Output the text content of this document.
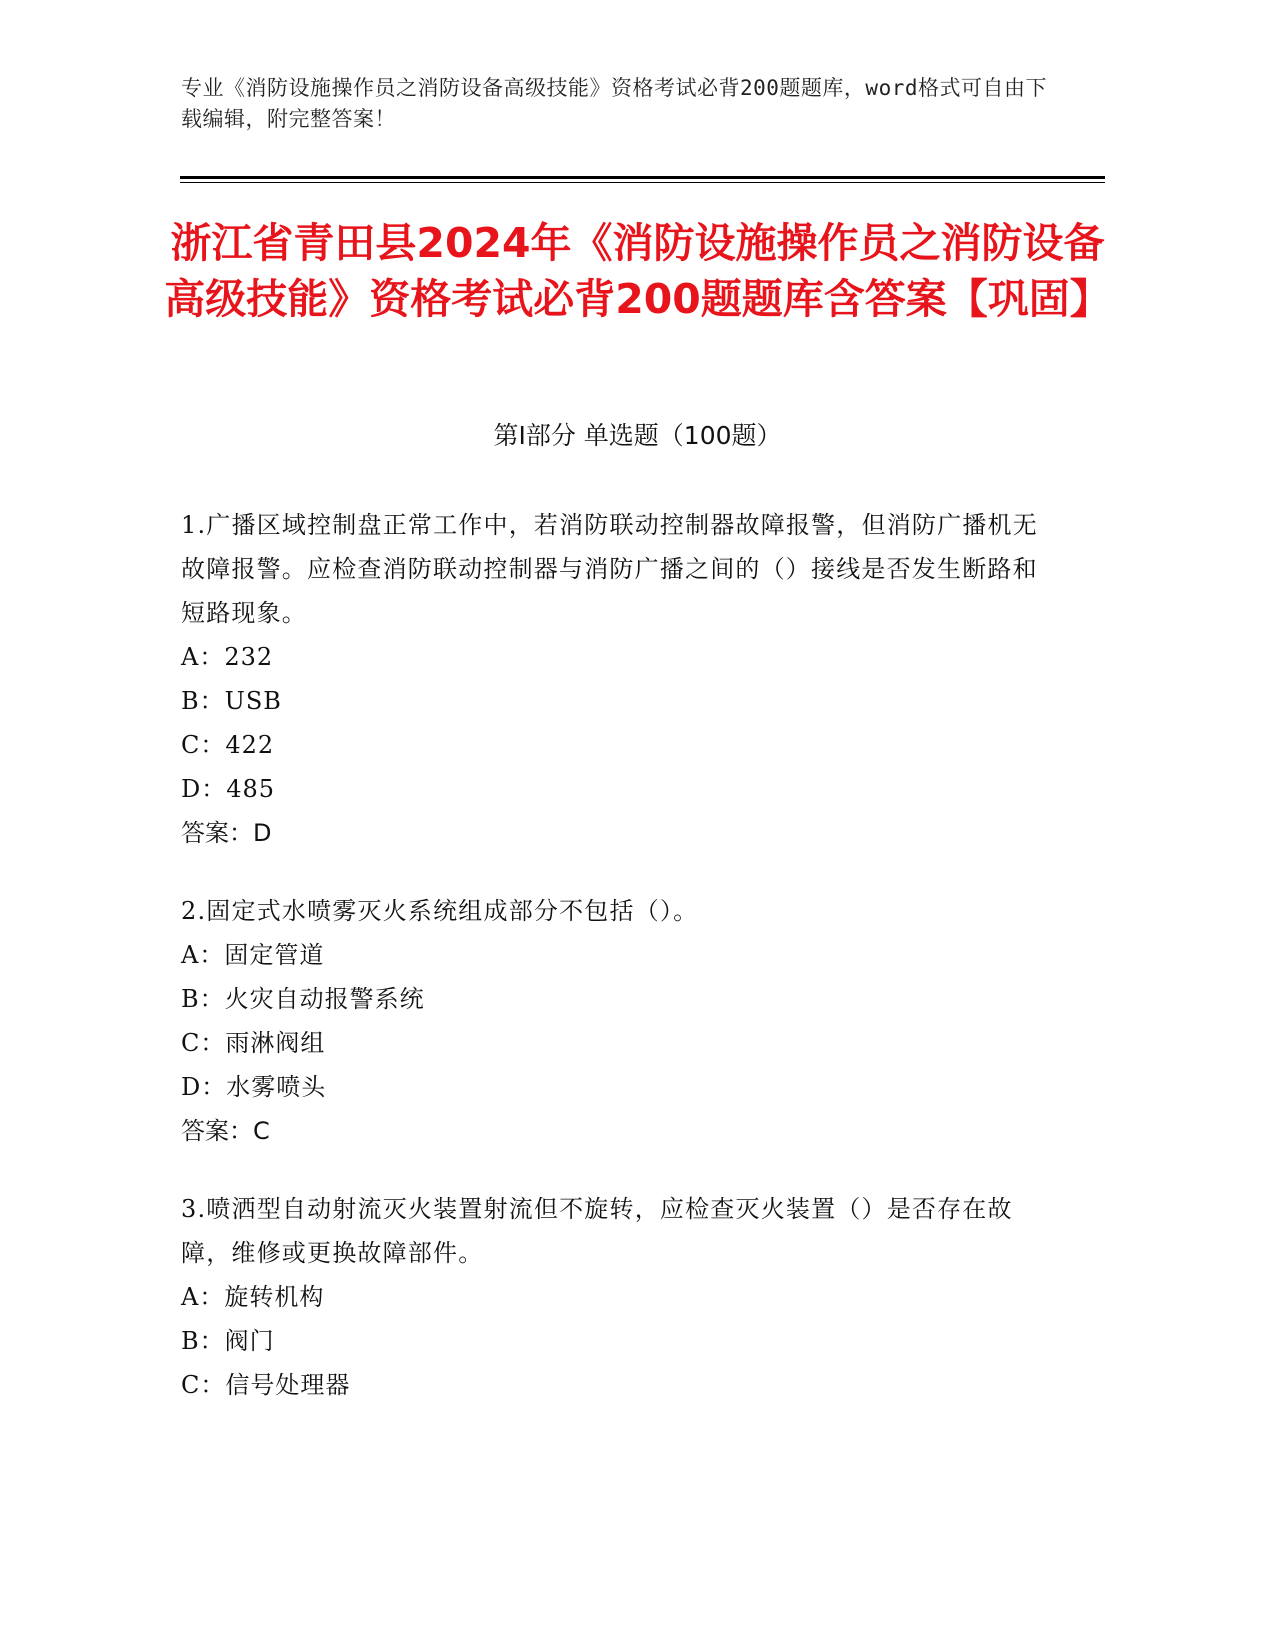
专业《消防设施操作员之消防设备高级技能》资格考试必背200题题库，word格式可自由下载编辑，附完整答案！
浙江省青田县2024年《消防设施操作员之消防设备高级技能》资格考试必背200题题库含答案【巩固】
第I部分 单选题（100题）

1.广播区域控制盘正常工作中，若消防联动控制器故障报警，但消防广播机无故障报警。应检查消防联动控制器与消防广播之间的（）接线是否发生断路和短路现象。

A： 232

B： USB

C： 422

D： 485

答案：D

2.固定式水喷雾灭火系统组成部分不包括（）。

A： 固定管道

B： 火灾自动报警系统

C： 雨淋阀组

D： 水雾喷头

答案：C

3.喷洒型自动射流灭火装置射流但不旋转，应检查灭火装置（）是否存在故障，维修或更换故障部件。

A： 旋转机构

B： 阀门

C： 信号处理器
